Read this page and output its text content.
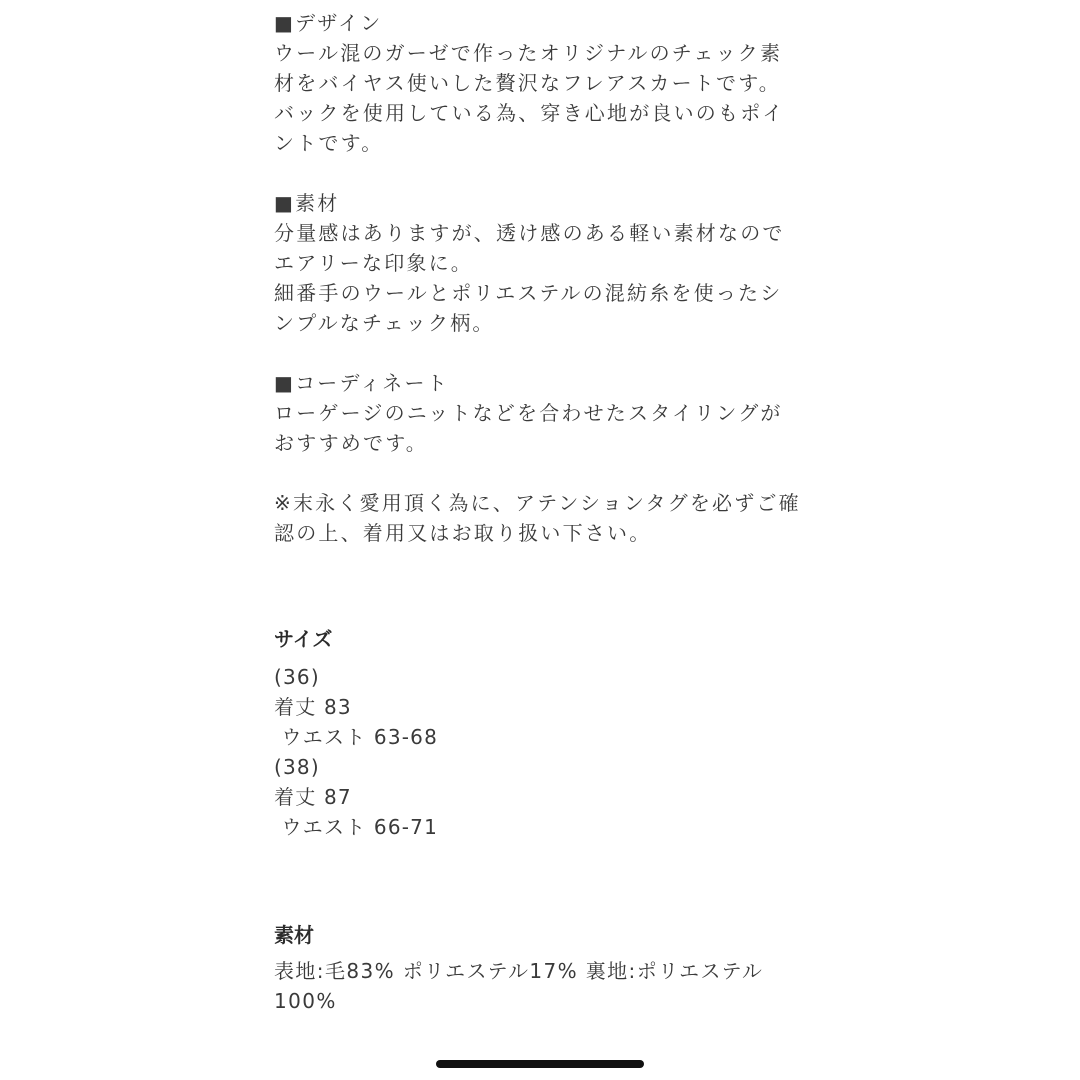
■デザイン
ウール混のガーゼで作ったオリジナルのチェック素
材をバイヤス使いした贅沢なフレアスカートです。
バックを使用している為、穿き心地が良いのもポイ
ントです。
■素材
分量感はありますが、透け感のある軽い素材なので
エアリーな印象に。
細番手のウールとポリエステルの混紡糸を使ったシ
ンプルなチェック柄。
■コーディネート
ローゲージのニットなどを合わせたスタイリングが
おすすめです。
※末永く愛用頂く為に、アテンションタグを必ずご確
認の上、着用又はお取り扱い下さい。
サイズ
(36)
着丈 83
ウエスト 63-68
(38)
着丈 87
ウエスト 66-71
素材
表地:毛83% ポリエステル17% 裏地:ポリエステル
100%
